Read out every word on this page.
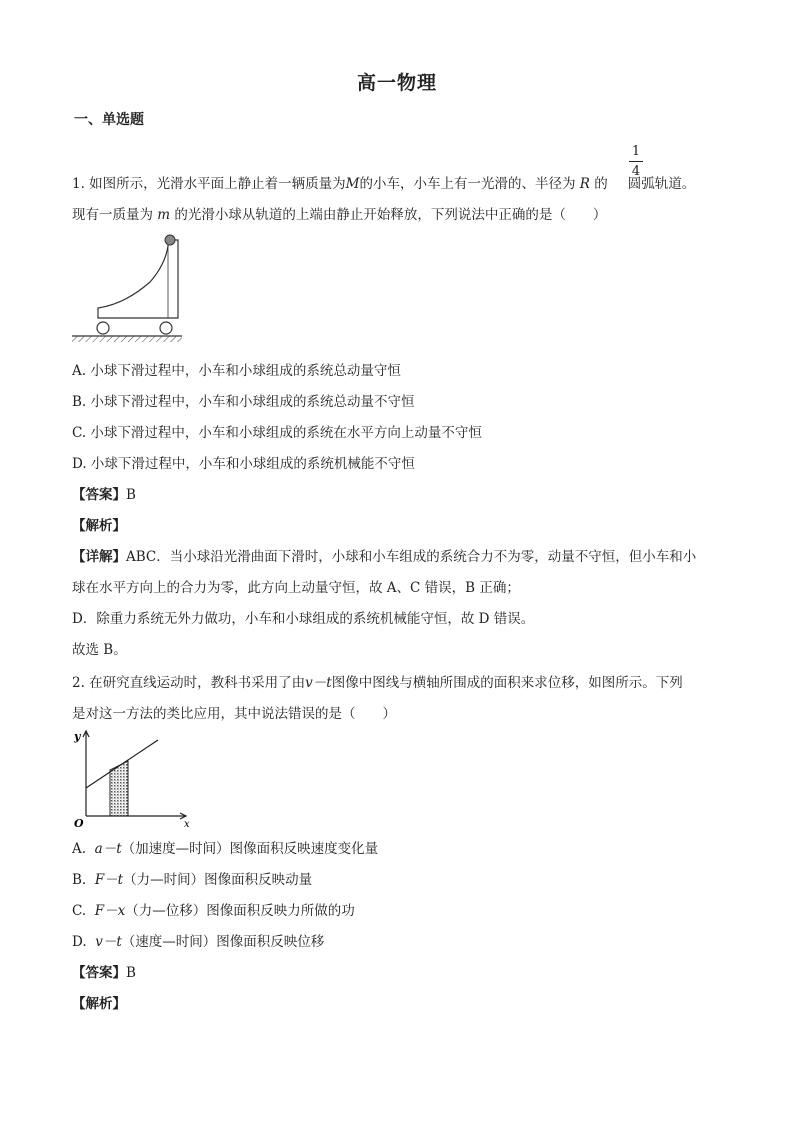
高一物理
一、单选题
1. 如图所示，光滑水平面上静止着一辆质量为M的小车，小车上有一光滑的、半径为 R 的 圆弧轨道。
1
4
现有一质量为 m 的光滑小球从轨道的上端由静止开始释放，下列说法中正确的是（　　）
A. 小球下滑过程中，小车和小球组成的系统总动量守恒
B. 小球下滑过程中，小车和小球组成的系统总动量不守恒
C. 小球下滑过程中，小车和小球组成的系统在水平方向上动量不守恒
D. 小球下滑过程中，小车和小球组成的系统机械能不守恒
【答案】B
【解析】
【详解】ABC．当小球沿光滑曲面下滑时，小球和小车组成的系统合力不为零，动量不守恒，但小车和小
球在水平方向上的合力为零，此方向上动量守恒，故 A、C 错误，B 正确；
D．除重力系统无外力做功，小车和小球组成的系统机械能守恒，故 D 错误。
故选 B。
2. 在研究直线运动时，教科书采用了由v－t图像中图线与横轴所围成的面积来求位移，如图所示。下列
是对这一方法的类比应用，其中说法错误的是（　　）
y
x
O
A. a－t（加速度—时间）图像面积反映速度变化量
B. F－t（力—时间）图像面积反映动量
C. F－x（力—位移）图像面积反映力所做的功
D. v－t（速度—时间）图像面积反映位移
【答案】B
【解析】
